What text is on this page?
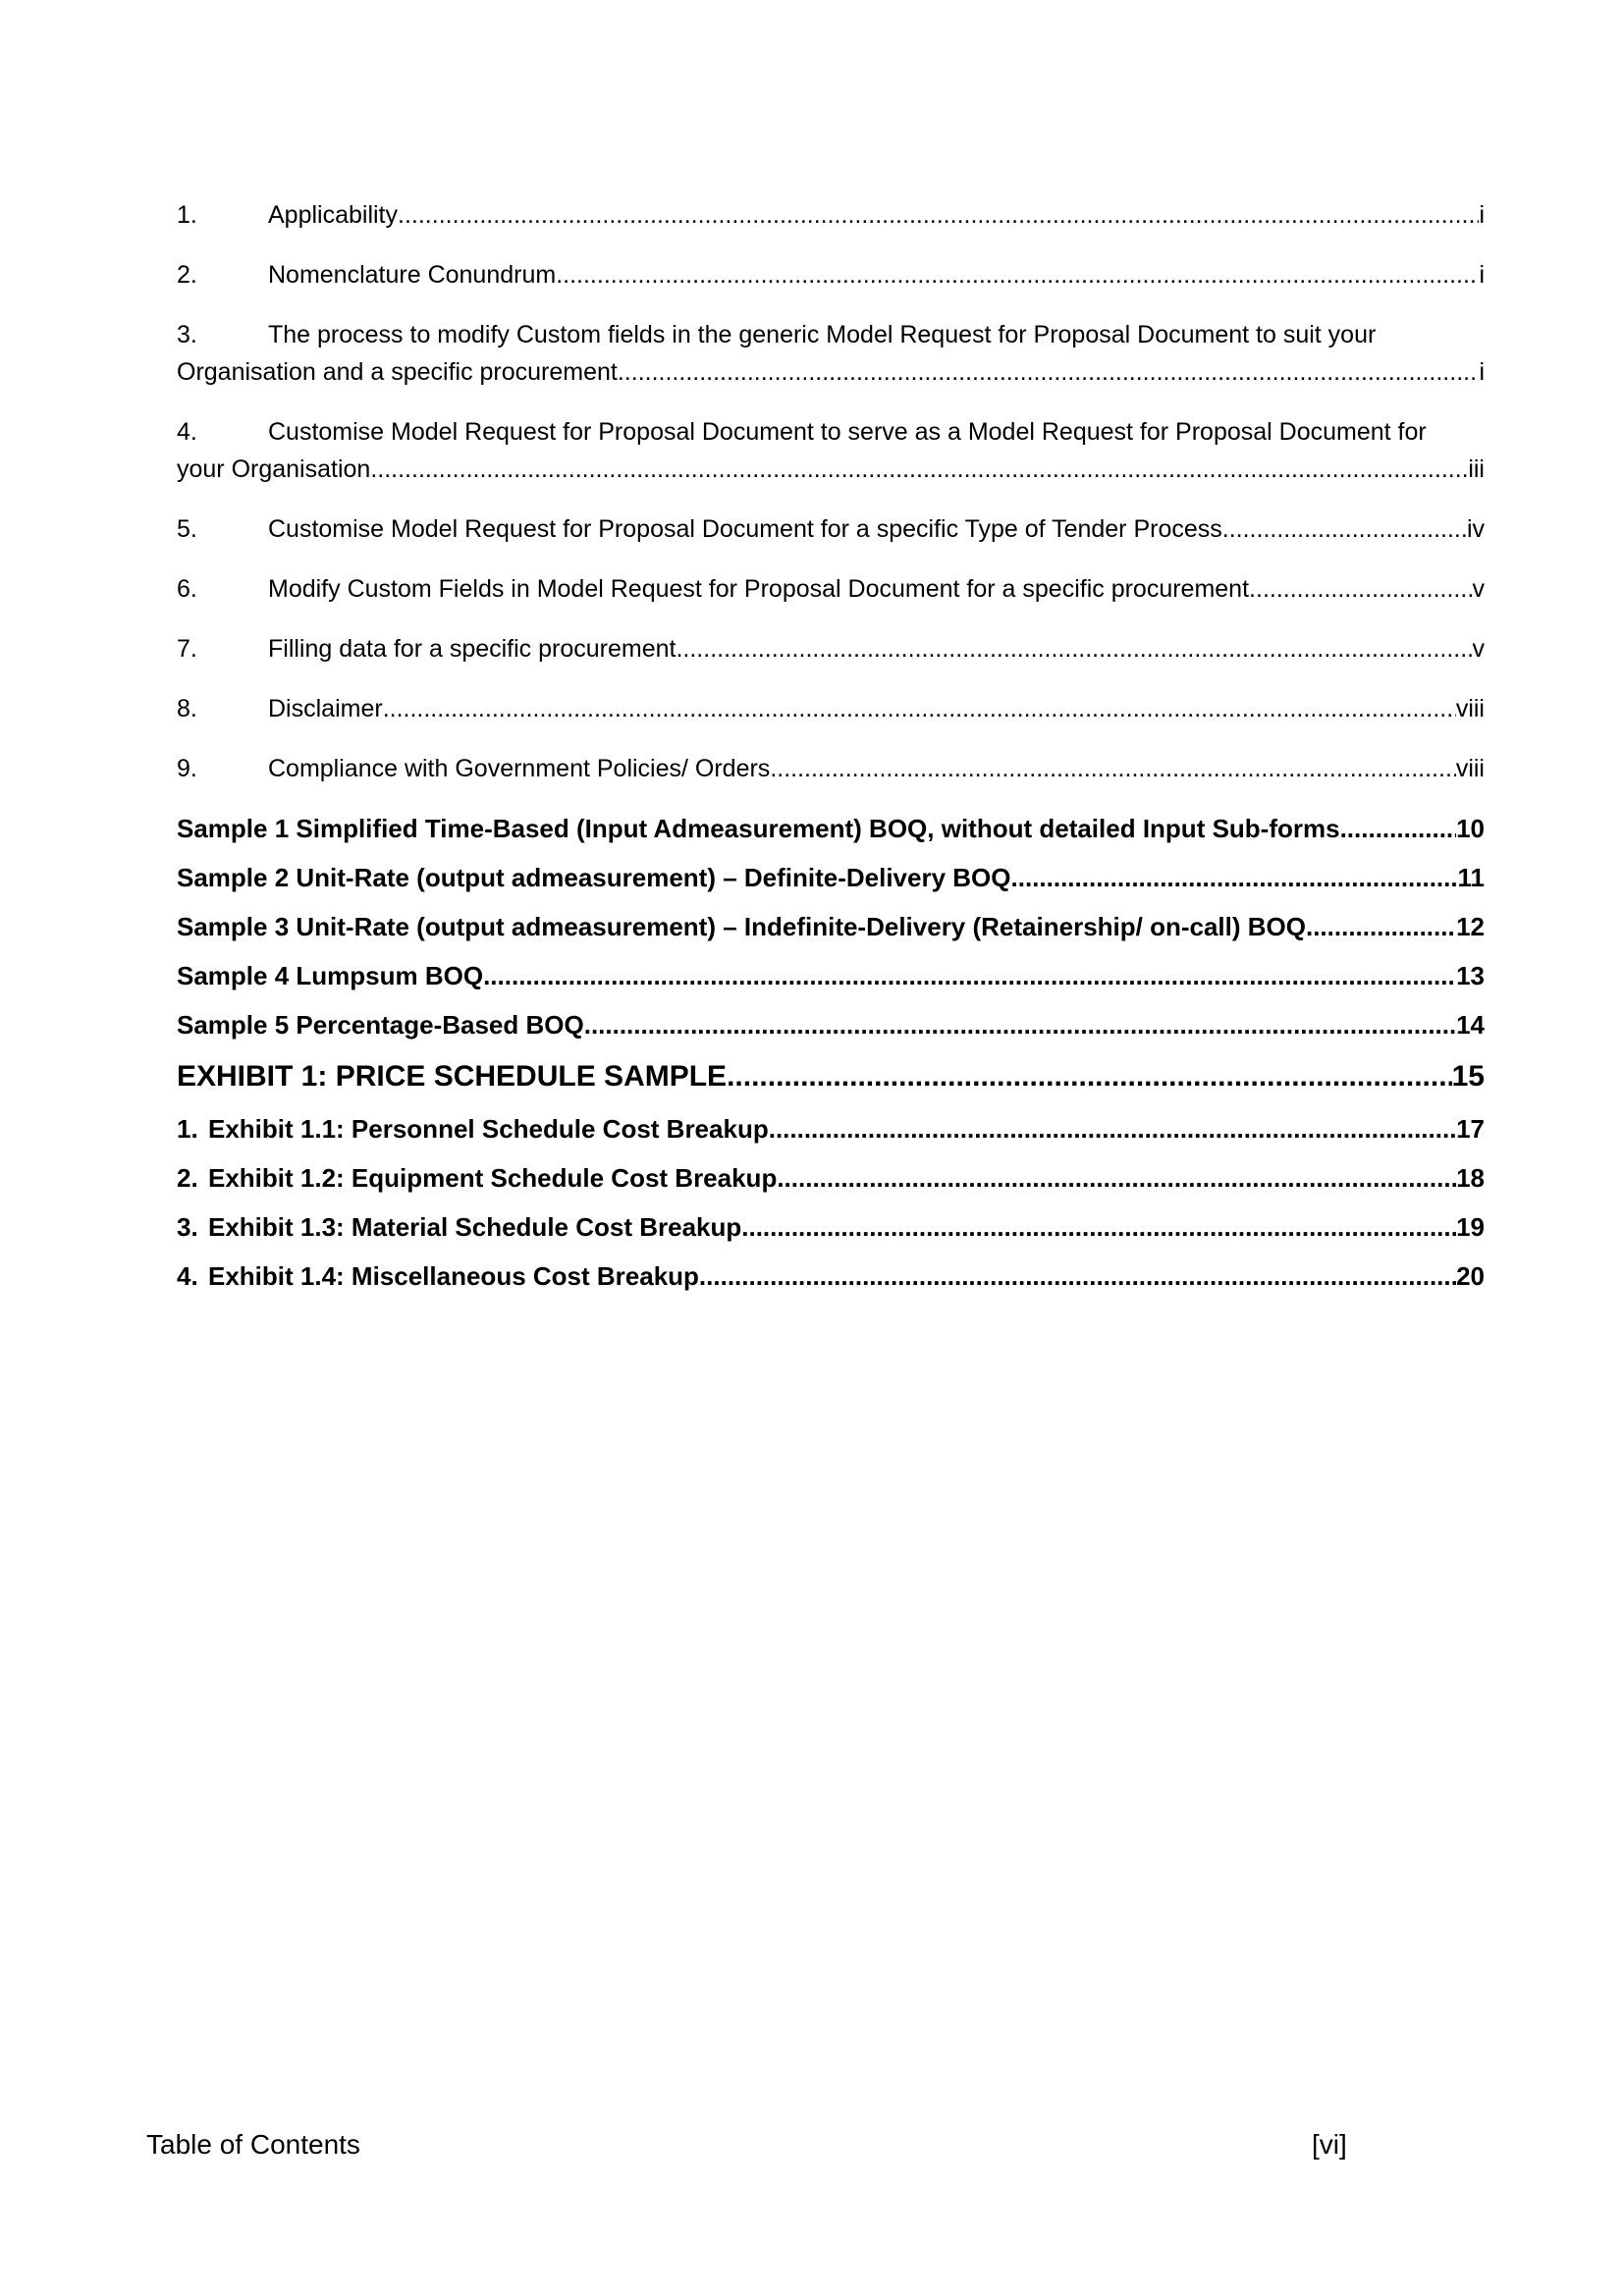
1.	Applicability .....	i
2.	Nomenclature Conundrum .....	i
3.	The process to modify Custom fields in the generic Model Request for Proposal Document to suit your
Organisation and a specific procurement .....	i
4.	Customise Model Request for Proposal Document to serve as a Model Request for Proposal Document for
your Organisation .....	iii
5.	Customise Model Request for Proposal Document for a specific Type of Tender Process .....	iv
6.	Modify Custom Fields in Model Request for Proposal Document for a specific procurement .....	v
7.	Filling data for a specific procurement .....	v
8.	Disclaimer .....	viii
9.	Compliance with Government Policies/ Orders .....	viii
Sample 1 Simplified Time-Based (Input Admeasurement) BOQ, without detailed Input Sub-forms .....	10
Sample 2 Unit-Rate (output admeasurement) – Definite-Delivery BOQ .....	11
Sample 3 Unit-Rate (output admeasurement) – Indefinite-Delivery (Retainership/ on-call) BOQ .....	12
Sample 4 Lumpsum BOQ .....	13
Sample 5 Percentage-Based BOQ .....	14
EXHIBIT 1: PRICE SCHEDULE SAMPLE .....	15
1. Exhibit 1.1: Personnel Schedule Cost Breakup .....	17
2. Exhibit 1.2: Equipment Schedule Cost Breakup .....	18
3. Exhibit 1.3: Material Schedule Cost Breakup .....	19
4. Exhibit 1.4: Miscellaneous Cost Breakup .....	20
Table of Contents	[vi]
